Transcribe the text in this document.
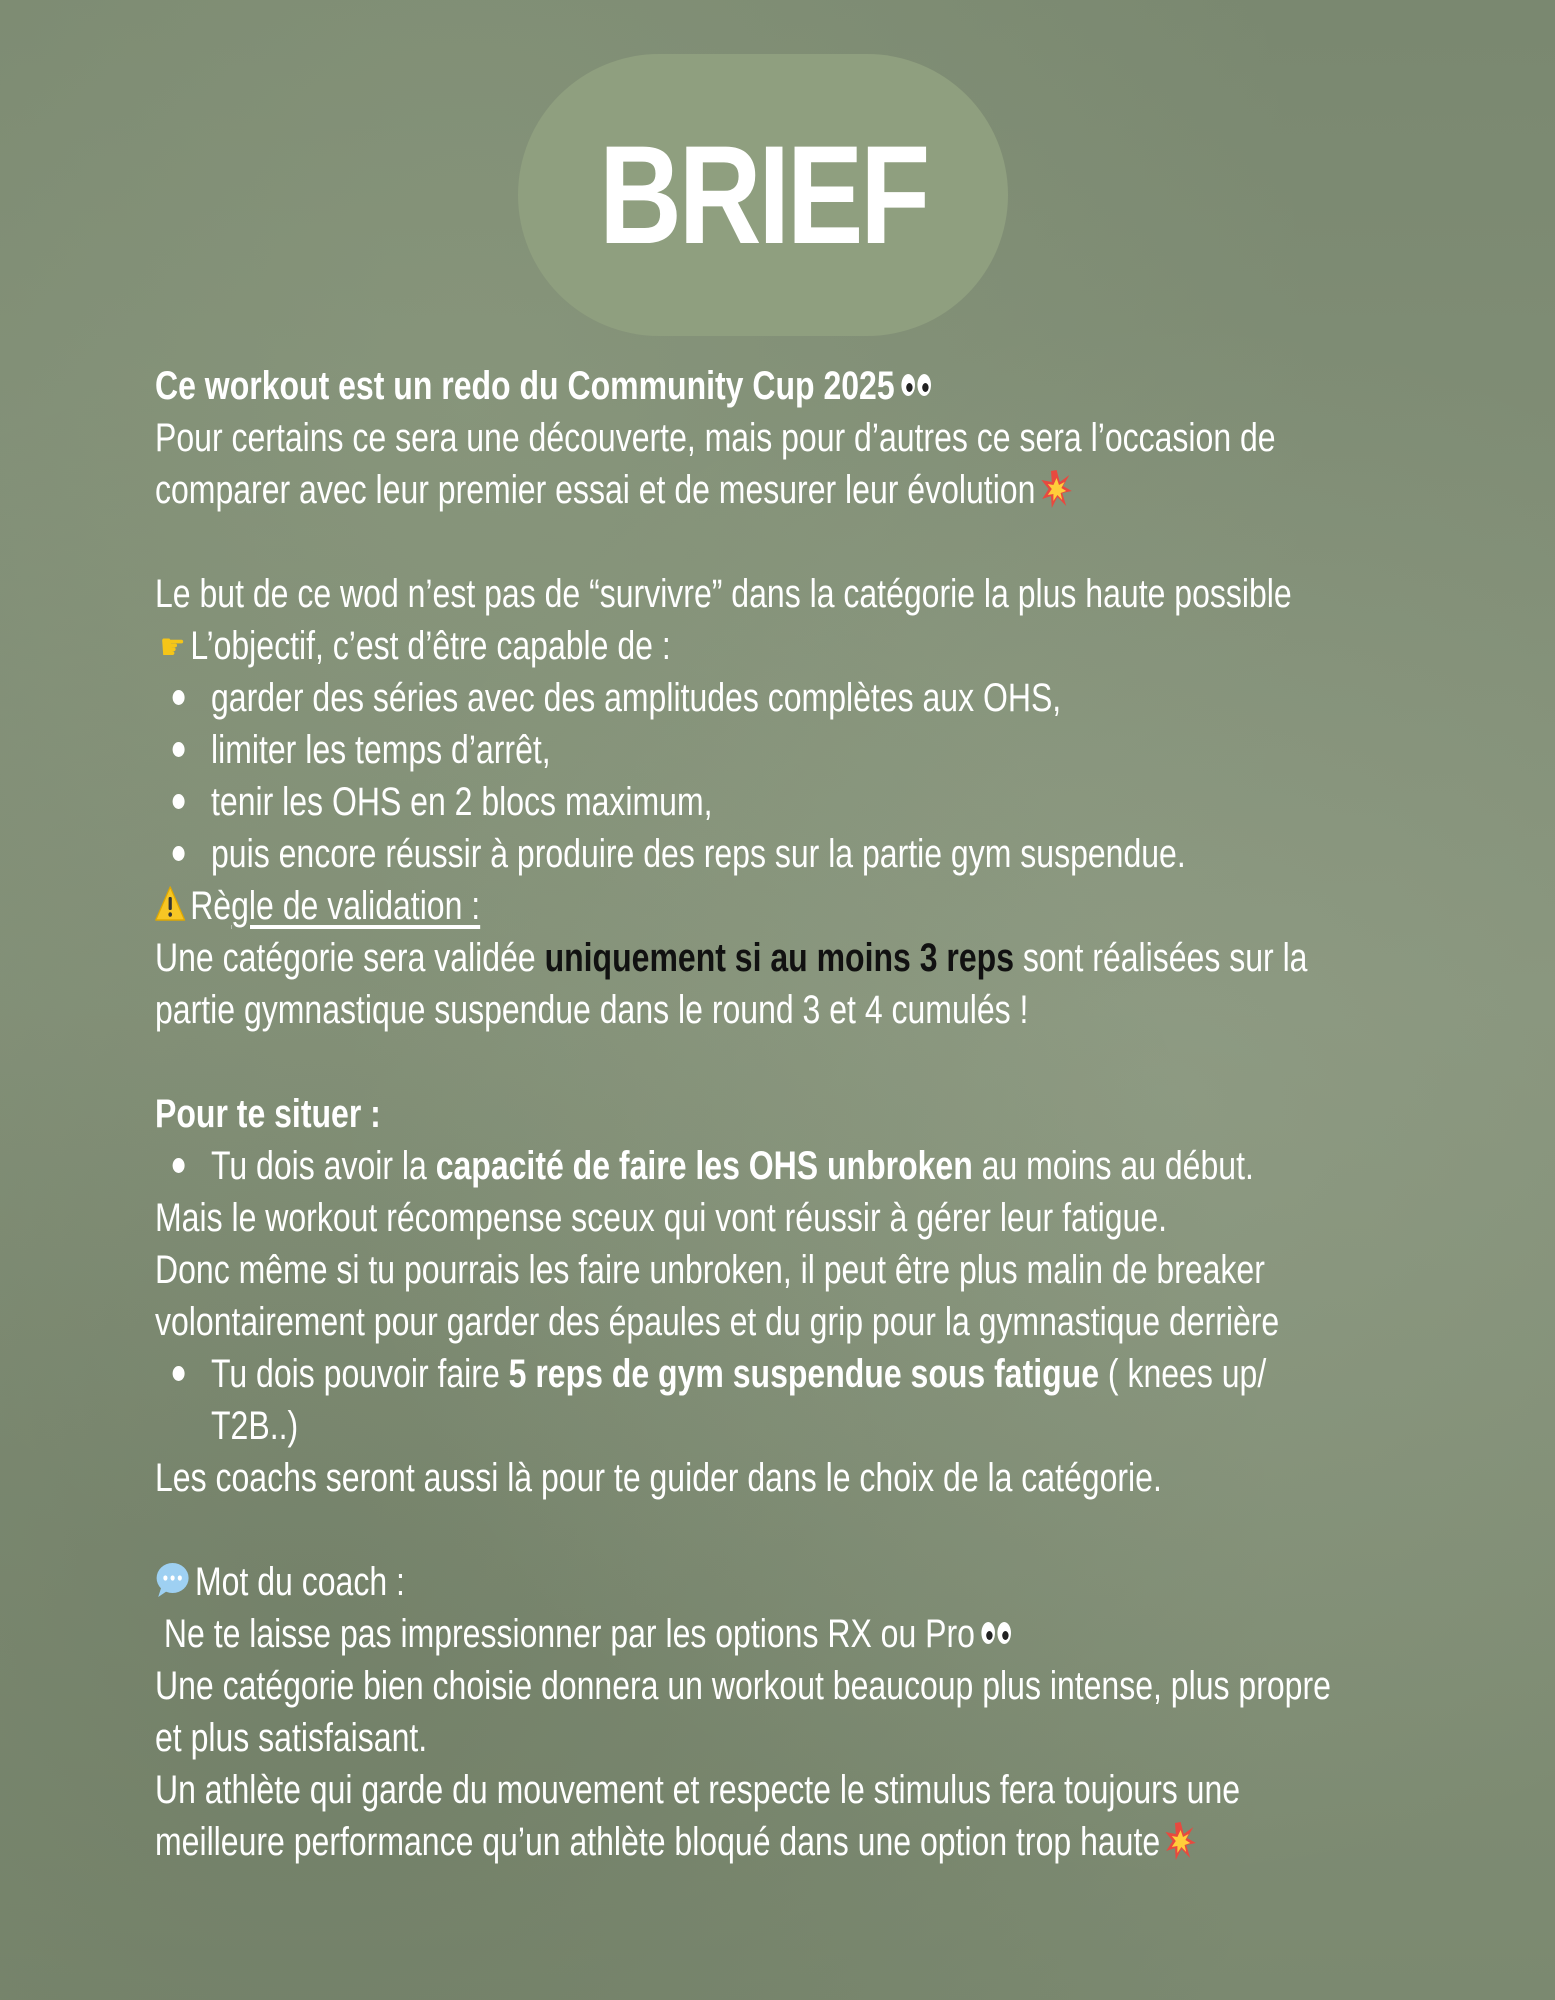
BRIEF
Ce workout est un redo du Community Cup 2025
Pour certains ce sera une découverte, mais pour d’autres ce sera l’occasion de
comparer avec leur premier essai et de mesurer leur évolution
Le but de ce wod n’est pas de “survivre” dans la catégorie la plus haute possible
☛ L’objectif, c’est d’être capable de :
garder des séries avec des amplitudes complètes aux OHS,
limiter les temps d’arrêt,
tenir les OHS en 2 blocs maximum,
puis encore réussir à produire des reps sur la partie gym suspendue.
Règle de validation :
Une catégorie sera validée uniquement si au moins 3 reps sont réalisées sur la
partie gymnastique suspendue dans le round 3 et 4 cumulés !
Pour te situer :
Tu dois avoir la capacité de faire les OHS unbroken au moins au début.
Mais le workout récompense sceux qui vont réussir à gérer leur fatigue.
Donc même si tu pourrais les faire unbroken, il peut être plus malin de breaker
volontairement pour garder des épaules et du grip pour la gymnastique derrière
Tu dois pouvoir faire 5 reps de gym suspendue sous fatigue ( knees up/
T2B..)
Les coachs seront aussi là pour te guider dans le choix de la catégorie.
Mot du coach :
Ne te laisse pas impressionner par les options RX ou Pro
Une catégorie bien choisie donnera un workout beaucoup plus intense, plus propre
et plus satisfaisant.
Un athlète qui garde du mouvement et respecte le stimulus fera toujours une
meilleure performance qu’un athlète bloqué dans une option trop haute
